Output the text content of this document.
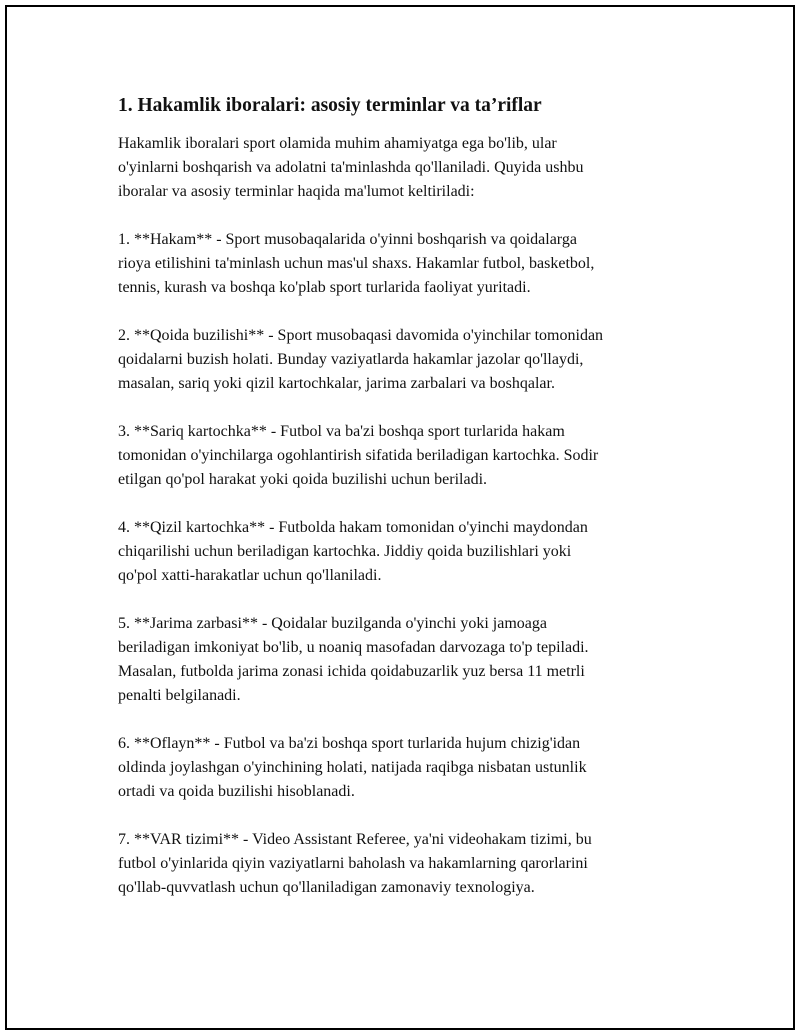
1. Hakamlik iboralari: asosiy terminlar va ta’riflar

Hakamlik iboralari sport olamida muhim ahamiyatga ega bo'lib, ular
o'yinlarni boshqarish va adolatni ta'minlashda qo'llaniladi. Quyida ushbu
iboralar va asosiy terminlar haqida ma'lumot keltiriladi:

1. **Hakam** - Sport musobaqalarida o'yinni boshqarish va qoidalarga
rioya etilishini ta'minlash uchun mas'ul shaxs. Hakamlar futbol, basketbol,
tennis, kurash va boshqa ko'plab sport turlarida faoliyat yuritadi.

2. **Qoida buzilishi** - Sport musobaqasi davomida o'yinchilar tomonidan
qoidalarni buzish holati. Bunday vaziyatlarda hakamlar jazolar qo'llaydi,
masalan, sariq yoki qizil kartochkalar, jarima zarbalari va boshqalar.

3. **Sariq kartochka** - Futbol va ba'zi boshqa sport turlarida hakam
tomonidan o'yinchilarga ogohlantirish sifatida beriladigan kartochka. Sodir
etilgan qo'pol harakat yoki qoida buzilishi uchun beriladi.

4. **Qizil kartochka** - Futbolda hakam tomonidan o'yinchi maydondan
chiqarilishi uchun beriladigan kartochka. Jiddiy qoida buzilishlari yoki
qo'pol xatti-harakatlar uchun qo'llaniladi.

5. **Jarima zarbasi** - Qoidalar buzilganda o'yinchi yoki jamoaga
beriladigan imkoniyat bo'lib, u noaniq masofadan darvozaga to'p tepiladi.
Masalan, futbolda jarima zonasi ichida qoidabuzarlik yuz bersa 11 metrli
penalti belgilanadi.

6. **Oflayn** - Futbol va ba'zi boshqa sport turlarida hujum chizig'idan
oldinda joylashgan o'yinchining holati, natijada raqibga nisbatan ustunlik
ortadi va qoida buzilishi hisoblanadi.

7. **VAR tizimi** - Video Assistant Referee, ya'ni videohakam tizimi, bu
futbol o'yinlarida qiyin vaziyatlarni baholash va hakamlarning qarorlarini
qo'llab-quvvatlash uchun qo'llaniladigan zamonaviy texnologiya.
